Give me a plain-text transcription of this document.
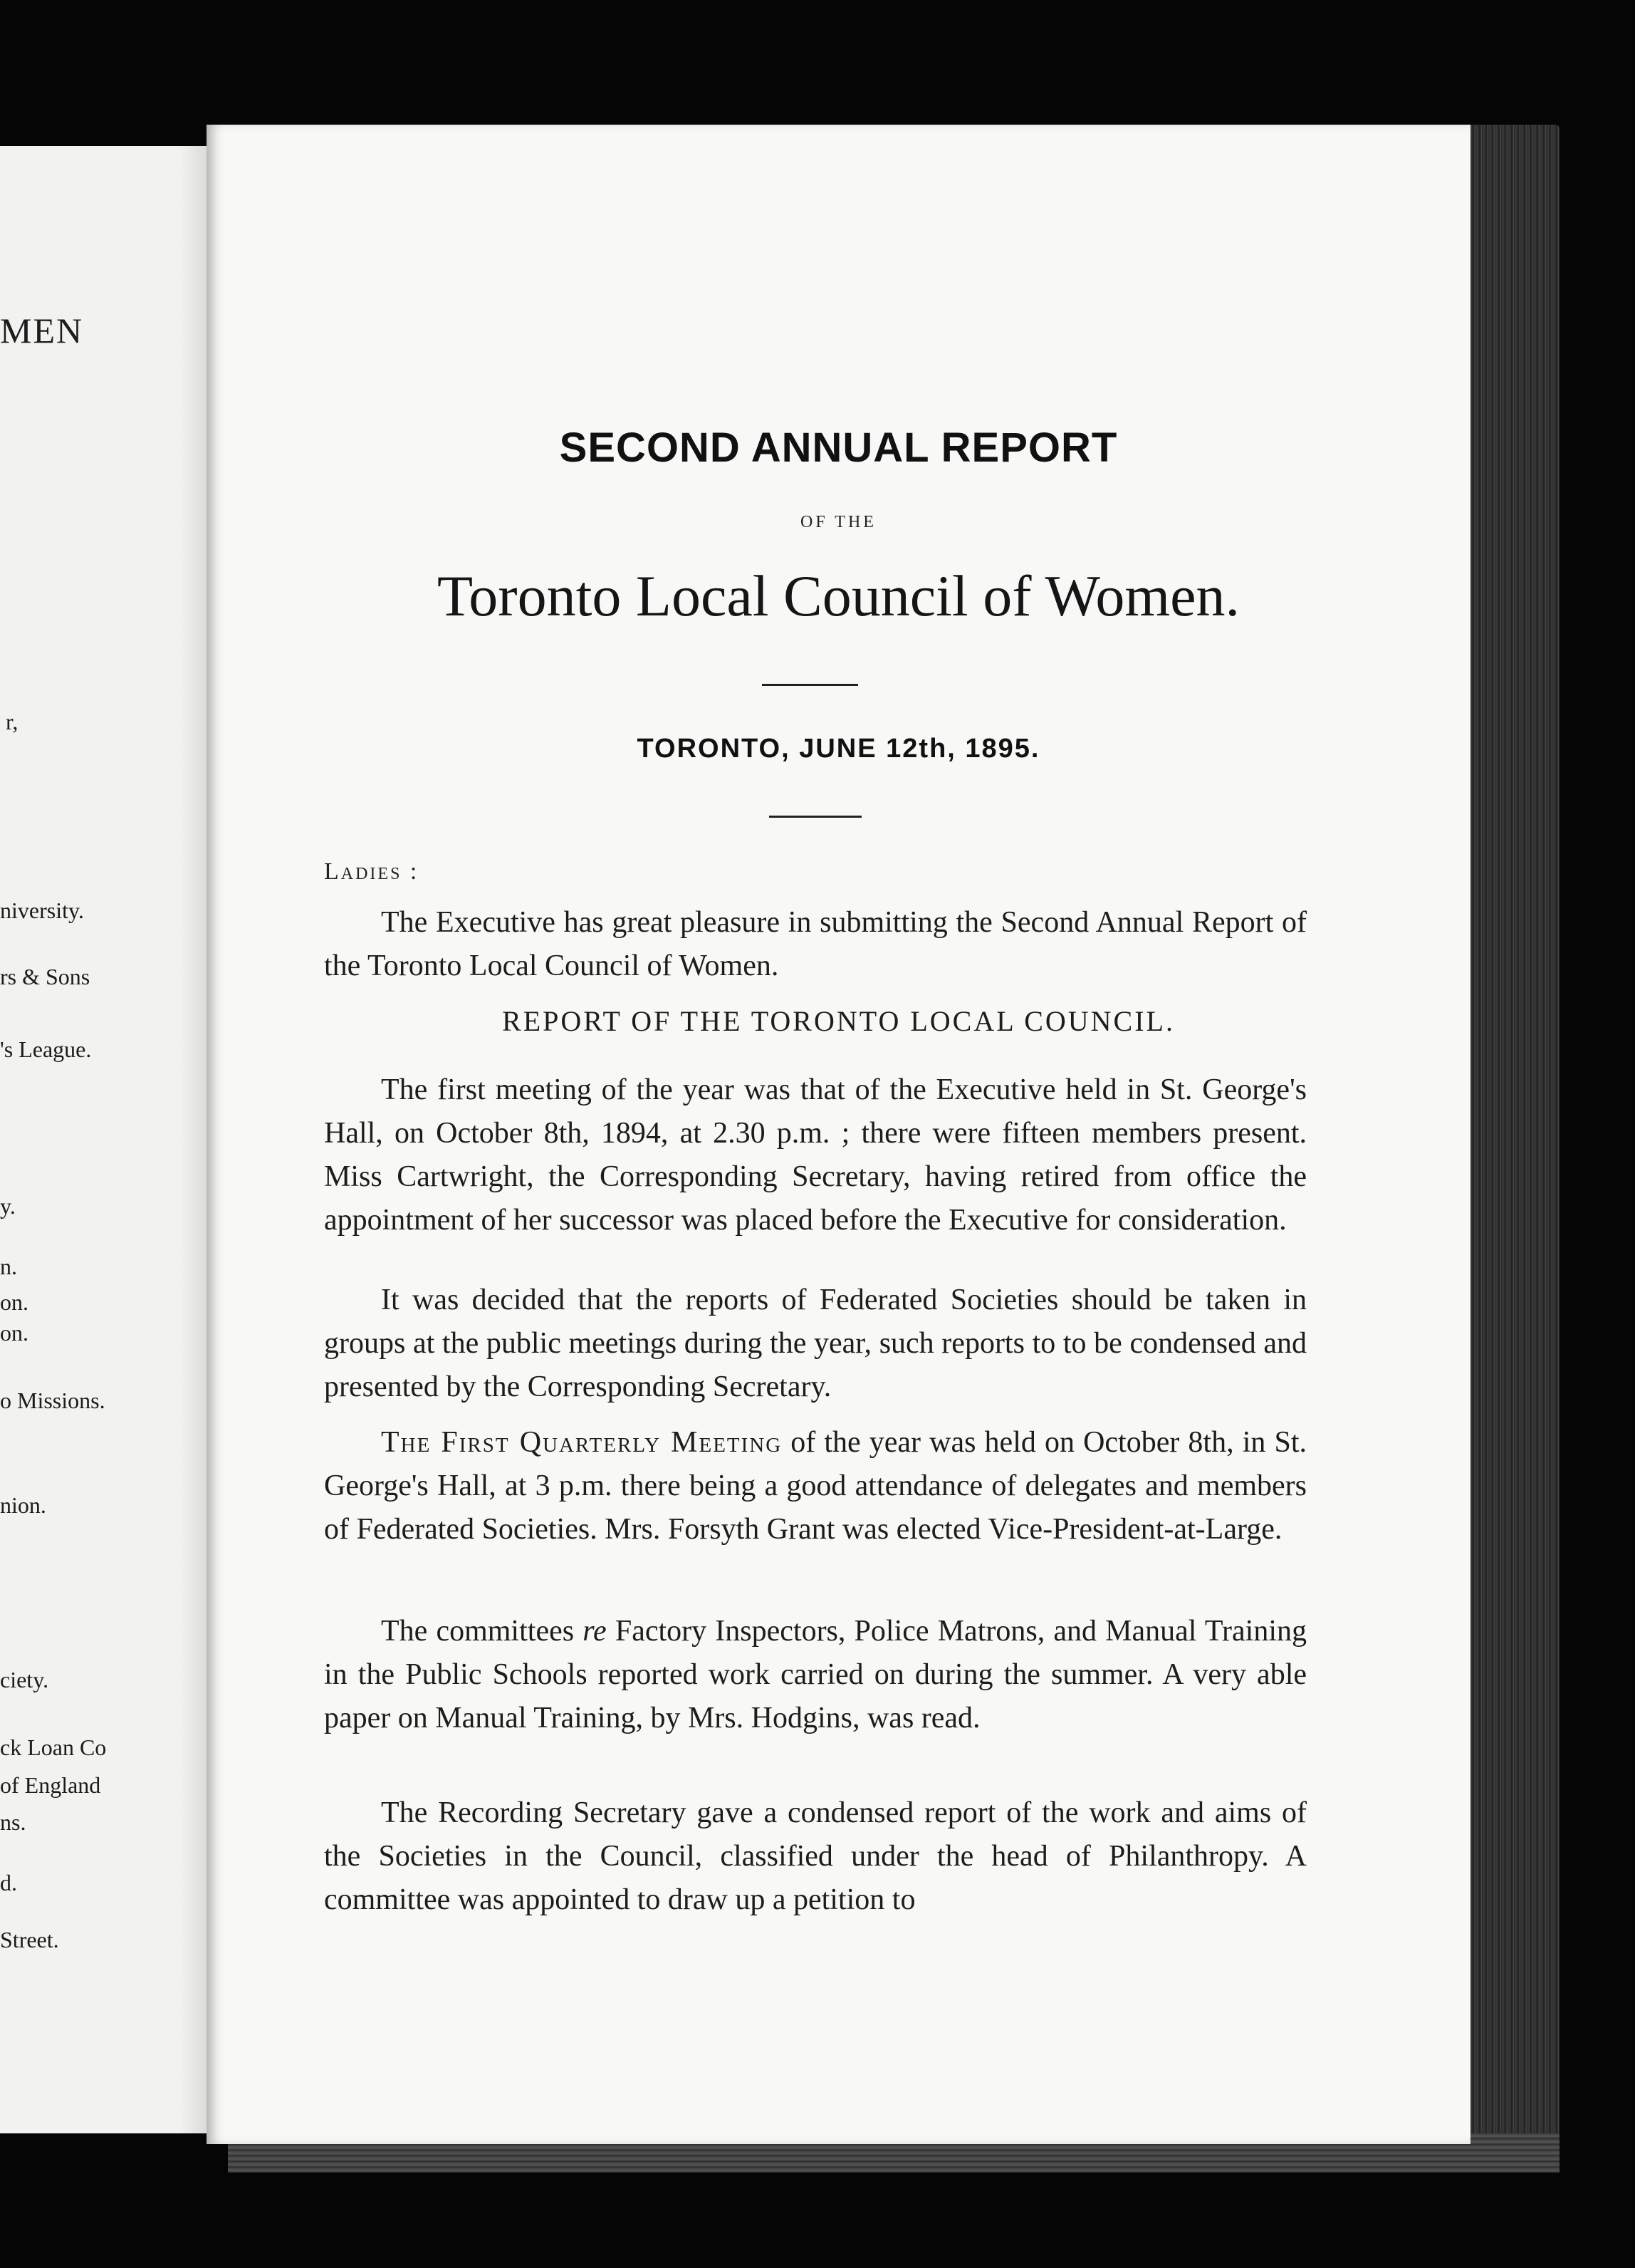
MEN
r,
niversity.
rs & Sons
's League.
y.
n.
on.
on.
o Missions.
nion.
ciety.
ck Loan Co
of England
ns.
d.
Street.
SECOND ANNUAL REPORT
OF THE
Toronto Local Council of Women.
TORONTO, JUNE 12th, 1895.
Ladies :
The Executive has great pleasure in submitting the Second Annual Report of the Toronto Local Council of Women.
REPORT OF THE TORONTO LOCAL COUNCIL.
The first meeting of the year was that of the Executive held in St. George's Hall, on October 8th, 1894, at 2.30 p.m. ; there were fifteen members present. Miss Cartwright, the Corresponding Secretary, having retired from office the appointment of her successor was placed before the Executive for consideration.
It was decided that the reports of Federated Societies should be taken in groups at the public meetings during the year, such reports to to be condensed and presented by the Corresponding Secretary.
The First Quarterly Meeting of the year was held on October 8th, in St. George's Hall, at 3 p.m. there being a good attendance of delegates and members of Federated Societies. Mrs. Forsyth Grant was elected Vice-President-at-Large.
The committees re Factory Inspectors, Police Matrons, and Manual Training in the Public Schools reported work carried on during the summer. A very able paper on Manual Training, by Mrs. Hodgins, was read.
The Recording Secretary gave a condensed report of the work and aims of the Societies in the Council, classified under the head of Philanthropy. A committee was appointed to draw up a petition to
